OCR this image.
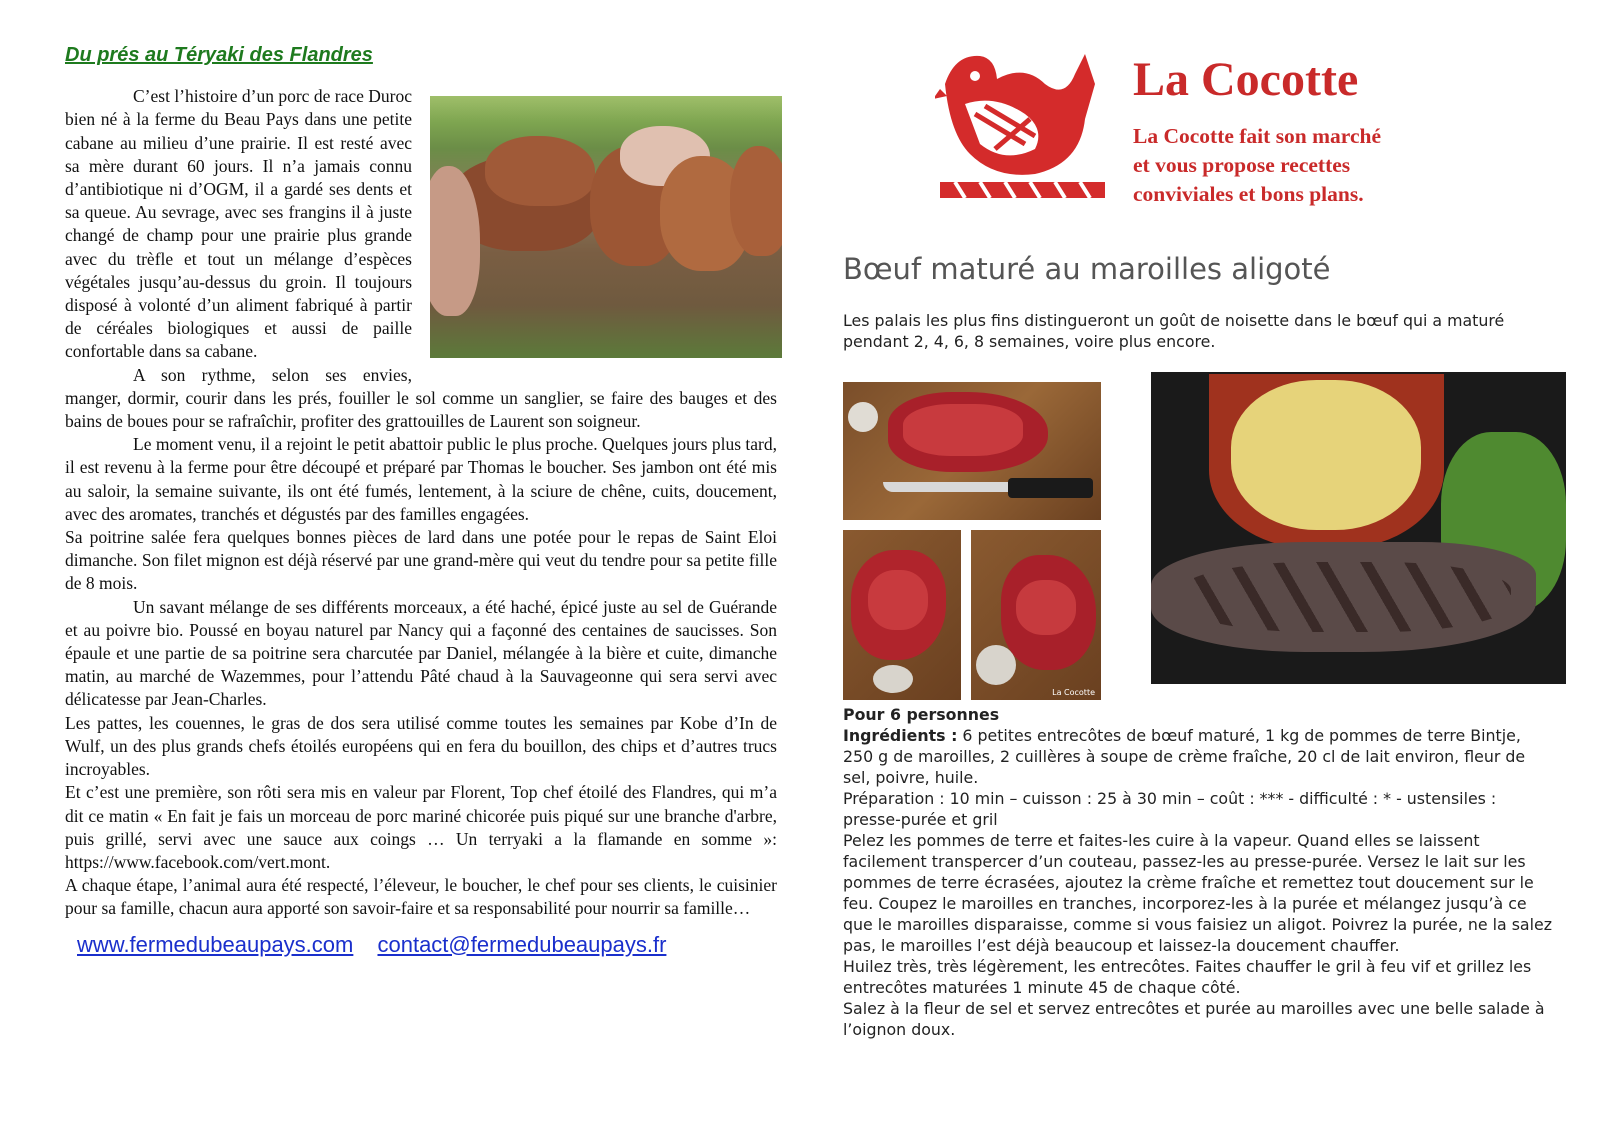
Du prés au Téryaki des Flandres

C’est l’histoire d’un porc de race Duroc bien né à la ferme du Beau Pays dans une petite cabane au milieu d’une prairie. Il est resté avec sa mère durant 60 jours. Il n’a jamais connu d’antibiotique ni d’OGM, il a gardé ses dents et sa queue. Au sevrage, avec ses frangins il à juste changé de champ pour une prairie plus grande avec du trèfle et tout un mélange d’espèces végétales jusqu’au-dessus du groin. Il toujours disposé à volonté d’un aliment fabriqué à partir de céréales biologiques et aussi de paille confortable dans sa cabane.

A son rythme, selon ses envies, manger, dormir, courir dans les prés, fouiller le sol comme un sanglier, se faire des bauges et des bains de boues pour se rafraîchir, profiter des grattouilles de Laurent son soigneur.

Le moment venu, il a rejoint le petit abattoir public le plus proche. Quelques jours plus tard, il est revenu à la ferme pour être découpé et préparé par Thomas le boucher. Ses jambon ont été mis au saloir, la semaine suivante, ils ont été fumés, lentement, à la sciure de chêne, cuits, doucement, avec des aromates, tranchés et dégustés par des familles engagées.

Sa poitrine salée fera quelques bonnes pièces de lard dans une potée pour le repas de Saint Eloi dimanche. Son filet mignon est déjà réservé par une grand-mère qui veut du tendre pour sa petite fille de 8 mois.

Un savant mélange de ses différents morceaux, a été haché, épicé juste au sel de Guérande et au poivre bio. Poussé en boyau naturel par Nancy qui a façonné des centaines de saucisses. Son épaule et une partie de sa poitrine sera charcutée par Daniel, mélangée à la bière et cuite, dimanche matin, au marché de Wazemmes, pour l’attendu Pâté chaud à la Sauvageonne qui sera servi avec délicatesse par Jean-Charles.

Les pattes, les couennes, le gras de dos sera utilisé comme toutes les semaines par Kobe d’In de Wulf, un des plus grands chefs étoilés européens qui en fera du bouillon, des chips et d’autres trucs incroyables.

Et c’est une première, son rôti sera mis en valeur par Florent, Top chef étoilé des Flandres, qui m’a dit ce matin « En fait je fais un morceau de porc mariné chicorée puis piqué sur une branche d'arbre, puis grillé, servi avec une sauce aux coings … Un terryaki a la flamande en somme »: https://www.facebook.com/vert.mont.

A chaque étape, l’animal aura été respecté, l’éleveur, le boucher, le chef pour ses clients, le cuisinier pour sa famille, chacun aura apporté son savoir-faire et sa responsabilité pour nourrir sa famille…

www.fermedubeaupays.com contact@fermedubeaupays.fr
La Cocotte
La Cocotte fait son marché
et vous propose recettes
conviviales et bons plans.
Bœuf maturé au maroilles aligoté
Les palais les plus fins distingueront un goût de noisette dans le bœuf qui a maturé pendant 2, 4, 6, 8 semaines, voire plus encore.
La Cocotte

Pour 6 personnes

Ingrédients : 6 petites entrecôtes de bœuf maturé, 1 kg de pommes de terre Bintje, 250 g de maroilles, 2 cuillères à soupe de crème fraîche, 20 cl de lait environ, fleur de sel, poivre, huile.

Préparation : 10 min – cuisson : 25 à 30 min – coût : *** - difficulté : * - ustensiles : presse-purée et gril

Pelez les pommes de terre et faites-les cuire à la vapeur. Quand elles se laissent facilement transpercer d’un couteau, passez-les au presse-purée. Versez le lait sur les pommes de terre écrasées, ajoutez la crème fraîche et remettez tout doucement sur le feu. Coupez le maroilles en tranches, incorporez-les à la purée et mélangez jusqu’à ce que le maroilles disparaisse, comme si vous faisiez un aligot. Poivrez la purée, ne la salez pas, le maroilles l’est déjà beaucoup et laissez-la doucement chauffer.

Huilez très, très légèrement, les entrecôtes. Faites chauffer le gril à feu vif et grillez les entrecôtes maturées 1 minute 45 de chaque côté.

Salez à la fleur de sel et servez entrecôtes et purée au maroilles avec une belle salade à l’oignon doux.
